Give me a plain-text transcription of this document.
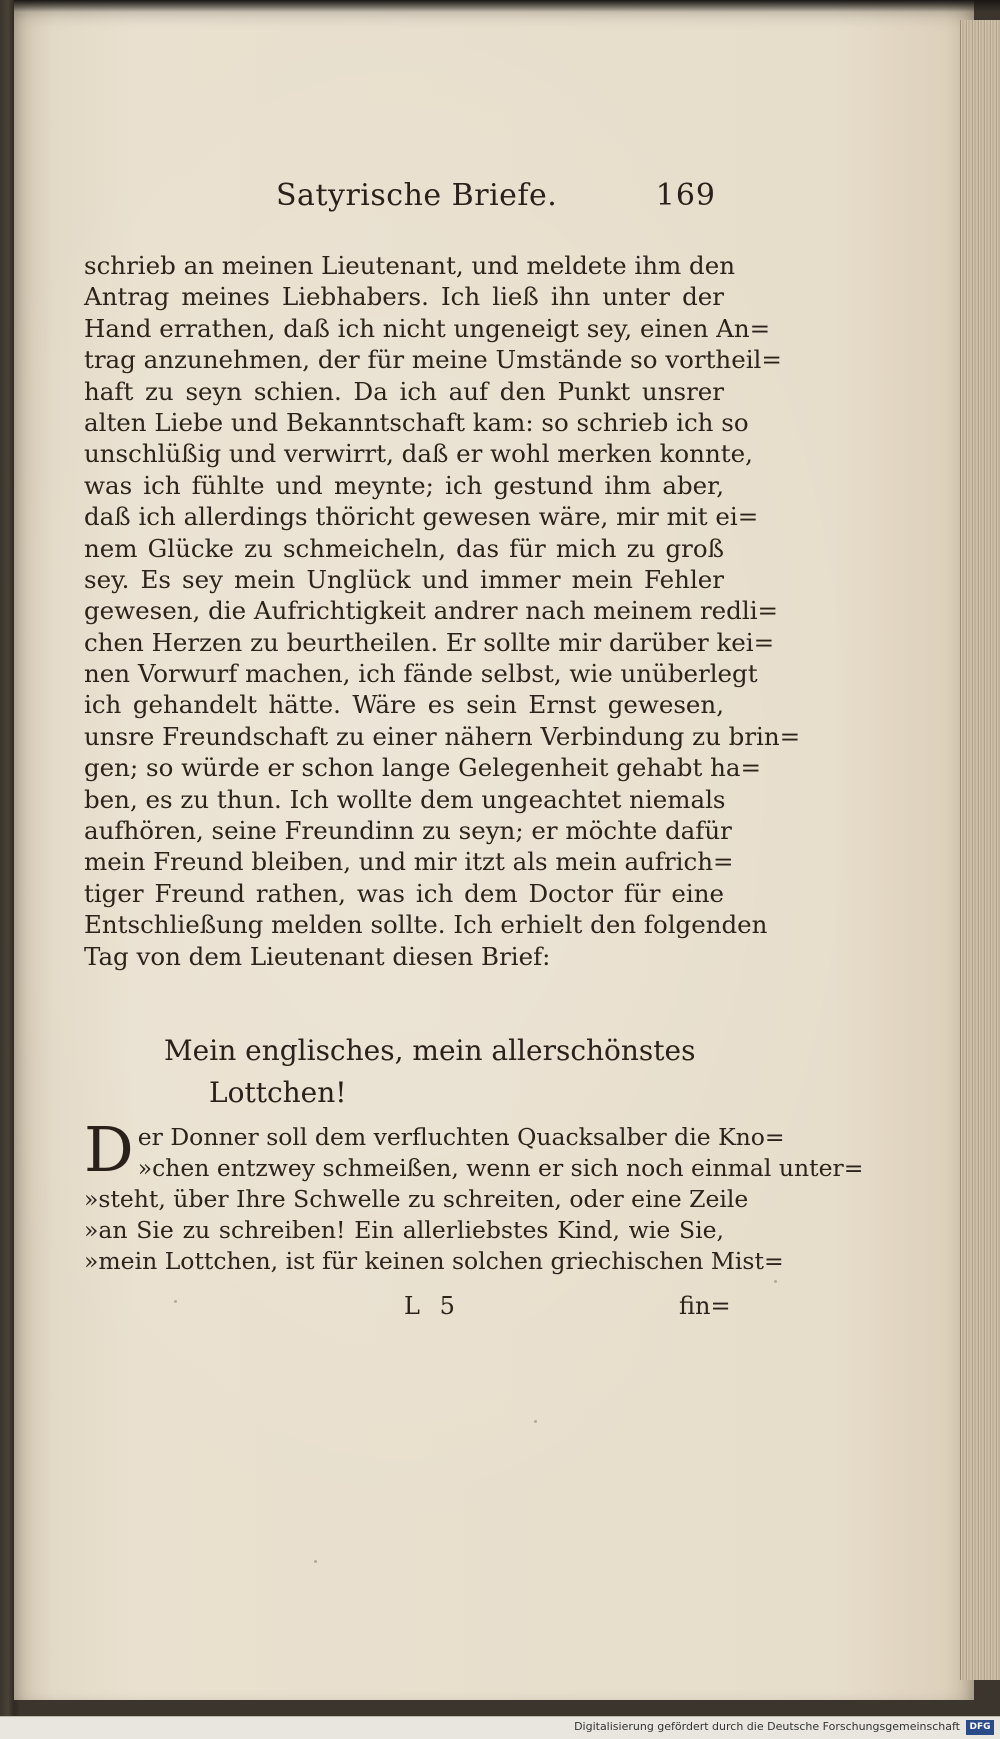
Satyrische Briefe.	169
schrieb an meinen Lieutenant, und meldete ihm den
Antrag meines Liebhabers. Ich ließ ihn unter der
Hand errathen, daß ich nicht ungeneigt sey, einen An=
trag anzunehmen, der für meine Umstände so vortheil=
haft zu seyn schien. Da ich auf den Punkt unsrer
alten Liebe und Bekanntschaft kam: so schrieb ich so
unschlüßig und verwirrt, daß er wohl merken konnte,
was ich fühlte und meynte; ich gestund ihm aber,
daß ich allerdings thöricht gewesen wäre, mir mit ei=
nem Glücke zu schmeicheln, das für mich zu groß
sey. Es sey mein Unglück und immer mein Fehler
gewesen, die Aufrichtigkeit andrer nach meinem redli=
chen Herzen zu beurtheilen. Er sollte mir darüber kei=
nen Vorwurf machen, ich fände selbst, wie unüberlegt
ich gehandelt hätte. Wäre es sein Ernst gewesen,
unsre Freundschaft zu einer nähern Verbindung zu brin=
gen; so würde er schon lange Gelegenheit gehabt ha=
ben, es zu thun. Ich wollte dem ungeachtet niemals
aufhören, seine Freundinn zu seyn; er möchte dafür
mein Freund bleiben, und mir itzt als mein aufrich=
tiger Freund rathen, was ich dem Doctor für eine
Entschließung melden sollte. Ich erhielt den folgenden
Tag von dem Lieutenant diesen Brief:
Mein englisches, mein allerschönstes
Lottchen!
D er Donner soll dem verfluchten Quacksalber die Kno=
»chen entzwey schmeißen, wenn er sich noch einmal unter=
»steht, über Ihre Schwelle zu schreiten, oder eine Zeile
»an Sie zu schreiben! Ein allerliebstes Kind, wie Sie,
»mein Lottchen, ist für keinen solchen griechischen Mist=
L 5	fin=
Digitalisierung gefördert durch die Deutsche Forschungsgemeinschaft	DFG
